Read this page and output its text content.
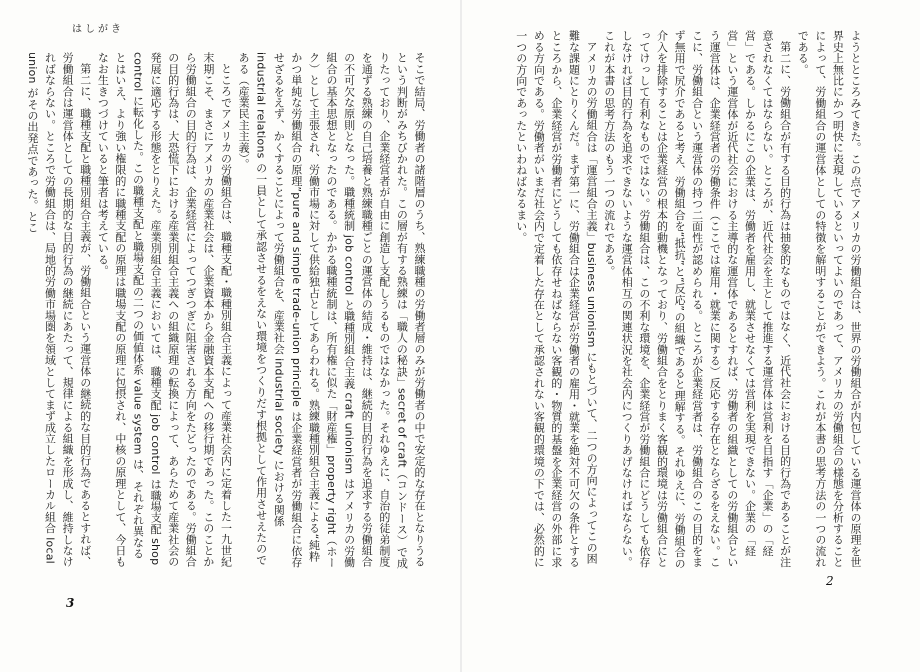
はしがき

そこで結局、労働者の諸階層のうち、熟練職種の労働者層のみが労働者の中で安定的な存在となりうるという判断がみちびかれた。この層が有する熟練は「職人の秘訣」secret of craft（コンドース）で成りたっており、企業経営者が自由に創造し支配しうるものではなかった。それゆえに、自治的徒弟制度を通ずる熟練の自己培養と熟練職種ごとの運営体の結成・維持は、継続的目的行為を追求する労働組合の不可欠な原則となった。職種統制 job control と職種別組合主義 craft unionism はアメリカの労働組合の基本思想となったのである。かかる職種統制は、所有権に似た「財産権」property right（ホーク）として主張され、労働市場に対して供給独占としてあらわれる。熟練職種別組合主義による“純粋かつ単純な労働組合の原理”pure and simple trade-union principle は企業経営者が労働組合に依存せざるをえず、かくすることによって労働組合を、産業社会 industrial society における関係 industrial relations の一員として承認させるをえない環境をつくりだす根拠として作用させえたのである（産業民主主義）。

ところでアメリカの労働組合は、職種支配・職種別組合主義によって産業社会内に定着した一九世紀末期こそ、まさにアメリカの産業社会は、企業資本から金融資本支配への移行期であった。このことから労働組合の目的行為は、企業経営によってつぎつぎに阻害される方向をたどったのである。労働組合の目的行為は、大恐慌下における産業別組合主義への組織原理の転換によって、あらためて産業社会の発展に適応する形態をとりえた。産業別組合主義においては、職種支配 job control は職場支配 shop control に転化した。この職種支配と職場支配の二つの価値体系 value system は、それぞれ異なるとはいえ、より強い権限的に職種支配の原理は職場支配の原理に包摂され、中核の原理として、今日もなお生きつづけていると筆者は考えている。

第二に、職種支配と職種別組合主義が、労働組合という運営体の継続的な目的行為であるとすれば、労働組合は運営体としての長期的な目的行為の継続にあたって、規律による組織を形成し、維持しなければならない。ところで労働組合は、局地的労働市場圏を領域としてまず成立したローカル組合 local union がその出発点であった。とこ

3

ようとところみてきた。この点でアメリカの労働組合は、世界の労働組合が内包している運営体の原理を世界史上無比にかつ明快に表現しているといってよいのであって、アメリカの労働組合の様態を分析することによって、労働組合の運営体としての特徴を解明することができよう。これが本書の思考方法の一つの流れである。

第二に、労働組合が有する目的行為は抽象的なものではなく、近代社会における目的行為であることが注意されなくてはならない。ところが、近代社会を主として推進する運営体は営利を目指す「企業」の「経営」である。しかるにこの企業は、労働者を雇用し、就業させなくては営利を実現できない。企業の「経営」という運営体が近代社会における主導的な運営体であるとすれば、労働者の組織としての労働組合という運営体は、企業経営者の労働条件（ここでは雇用・就業に関する）反応する存在とならざるをえない。ここに、労働組合という運営体の持つ二面性が認められる。ところが企業経営者は、労働組合のこの目的をまず無用で尻介であると考え、労働組合を“抵抗”と“反応”の組織であると理解する。それゆえに、労働組合の介入を排除することは企業経営の根本的動機となっており、労働組合をとりまく客観的環境は労働組合にとってけっして有利なものではない。労働組合は、この不利な環境を、企業経営が労働組合にどうしても依存しなければ目的行為を追求できないような運営体相互の関連状況を社会内につくりあげなければならない。これが本書の思考方法のもう一つの流れである。

アメリカの労働組合は「運営組合主義」business unionism にもとづいて、二つの方向によってこの困難な課題にとりくんだ。まず第一に、労働組合は企業経営が労働者の雇用・就業を絶対不可欠の条件とするところから、企業経営が労働者にどうしても依存せねばならない客観的・物質的基盤を企業経営の外部に求める方向である。労働者がいまだ社会内で定着した存在として承認されない客観的環境の下では、必然的に一つの方向であったといわねばなるまい。

2
